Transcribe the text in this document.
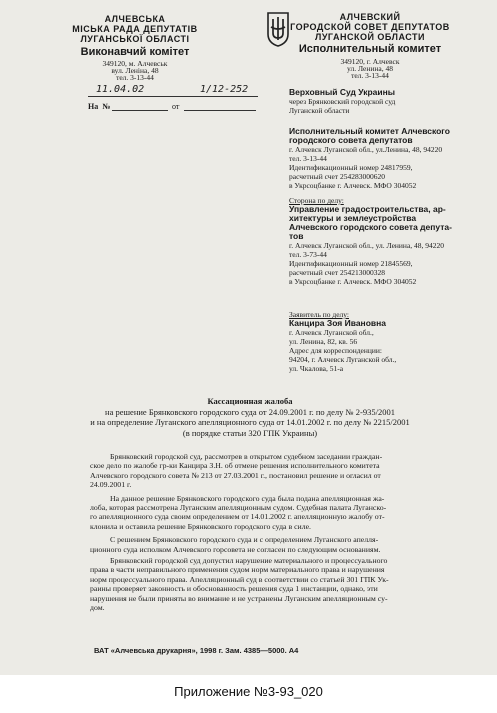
АЛЧЕВСЬКА
МІСЬКА РАДА ДЕПУТАТІВ
ЛУГАНСЬКОЇ ОБЛАСТІ
Виконавчий комітет
349120, м. Алчевськ
вул. Леніна, 48
тел. 3-13-44
АЛЧЕВСКИЙ
ГОРОДСКОЙ СОВЕТ ДЕПУТАТОВ
ЛУГАНСКОЙ ОБЛАСТИ
Исполнительный комитет
349120, г. Алчевск
ул. Ленина, 48
тел. 3-13-44
11.04.02	1/12-252
На №	от
Верховный Суд Украины
через Брянковский городской суд
Луганской области
Исполнительный комитет Алчевского
городского совета депутатов
г. Алчевск Луганской обл., ул.Ленина, 48, 94220
тел. 3-13-44
Идентификационный номер 24817959,
расчетный счет 254283000620
в Укрсоцбанке г. Алчевск. МФО 304052
Сторона по делу:
Управление градостроительства, ар-
хитектуры и землеустройства
Алчевского городского совета депута-
тов
г. Алчевск Луганской обл., ул. Ленина, 48, 94220
тел. 3-73-44
Идентификационный номер 21845569,
расчетный счет 254213000328
в Укрсоцбанке г. Алчевск. МФО 304052
Заявитель по делу:
Канцира Зоя Ивановна
г. Алчевск Луганской обл.,
ул. Ленина, 82, кв. 56
Адрес для корреспонденции:
94204, г. Алчевск Луганской обл.,
ул. Чкалова, 51-а
Кассационная жалоба
на решение Брянковского городского суда от 24.09.2001 г. по делу № 2-935/2001
и на определение Луганского апелляционного суда от 14.01.2002 г. по делу № 2215/2001
(в порядке статьи 320 ГПК Украины)
Брянковский городской суд, рассмотрев в открытом судебном заседании граждан-
ское дело по жалобе гр-ки Канцира З.Н. об отмене решения исполнительного комитета
Алчевского городского совета № 213 от 27.03.2001 г., постановил решение и огласил от
24.09.2001 г.
На данное решение Брянковского городского суда была подана апелляционная жа-
лоба, которая рассмотрена Луганским апелляционным судом. Судебная палата Луганско-
го апелляционного суда своим определением от 14.01.2002 г. апелляционную жалобу от-
клонила и оставила решение Брянковского городского суда в силе.
С решением Брянковского городского суда и с определением Луганского апелля-
ционного суда исполком Алчевского горсовета не согласен по следующим основаниям.
Брянковский городской суд допустил нарушение материального и процессуального
права в части неправильного применения судом норм материального права и нарушения
норм процессуального права. Апелляционный суд в соответствии со статьей 301 ГПК Ук-
раины проверяет законность и обоснованность решения суда 1 инстанции, однако, эти
нарушения не были приняты во внимание и не устранены Луганским апелляционным су-
дом.
ВАТ «Алчевська друкарня», 1998 г. Зам. 4385—5000. А4
Приложение №3-93_020
